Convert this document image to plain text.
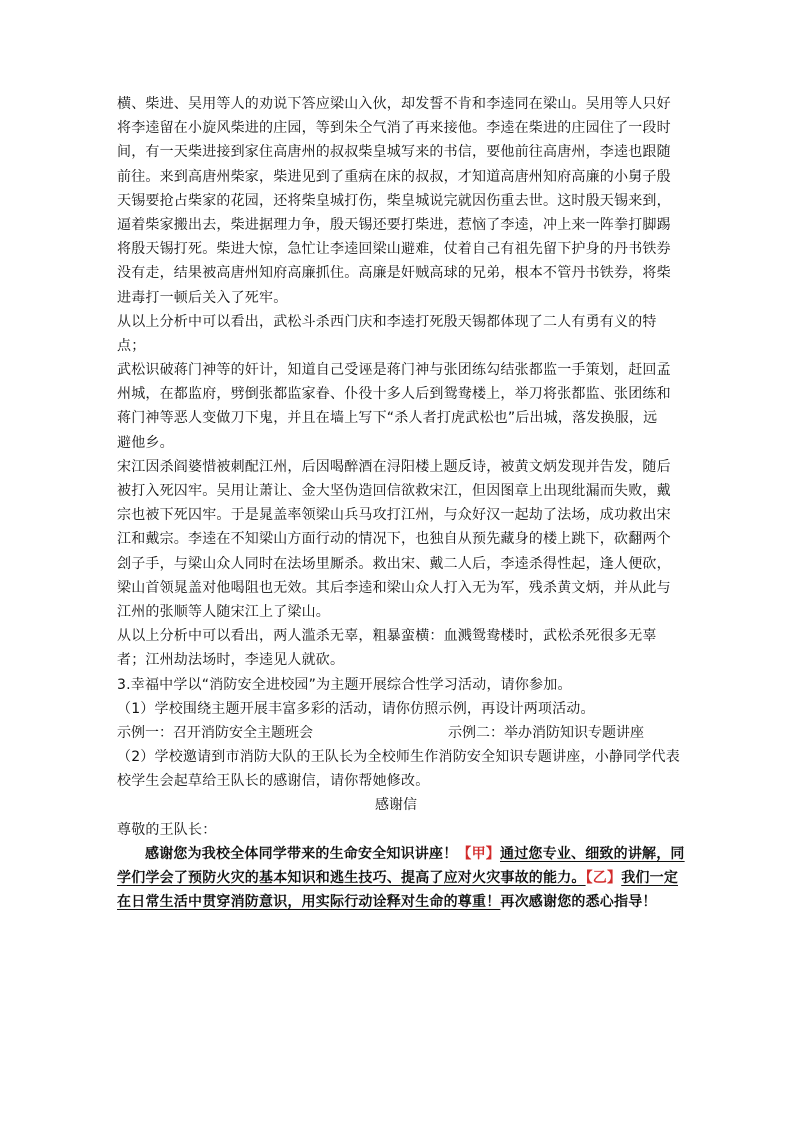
横、柴进、吴用等人的劝说下答应梁山入伙，却发誓不肯和李逵同在梁山。吴用等人只好
将李逵留在小旋风柴进的庄园，等到朱仝气消了再来接他。李逵在柴进的庄园住了一段时
间，有一天柴进接到家住高唐州的叔叔柴皇城写来的书信，要他前往高唐州，李逵也跟随
前往。来到高唐州柴家，柴进见到了重病在床的叔叔，才知道高唐州知府高廉的小舅子殷
天锡要抢占柴家的花园，还将柴皇城打伤，柴皇城说完就因伤重去世。这时殷天锡来到，
逼着柴家搬出去，柴进据理力争，殷天锡还要打柴进，惹恼了李逵，冲上来一阵拳打脚踢
将殷天锡打死。柴进大惊，急忙让李逵回梁山避难，仗着自己有祖先留下护身的丹书铁券
没有走，结果被高唐州知府高廉抓住。高廉是奸贼高球的兄弟，根本不管丹书铁券，将柴
进毒打一顿后关入了死牢。
从以上分析中可以看出，武松斗杀西门庆和李逵打死殷天锡都体现了二人有勇有义的特
点；
武松识破蒋门神等的奸计，知道自己受诬是蒋门神与张团练勾结张都监一手策划，赶回孟
州城，在都监府，劈倒张都监家眷、仆役十多人后到鸳鸯楼上，举刀将张都监、张团练和
蒋门神等恶人变做刀下鬼，并且在墙上写下“杀人者打虎武松也”后出城，落发换服，远
避他乡。
宋江因杀阎婆惜被刺配江州，后因喝醉酒在浔阳楼上题反诗，被黄文炳发现并告发，随后
被打入死囚牢。吴用让萧让、金大坚伪造回信欲救宋江，但因图章上出现纰漏而失败，戴
宗也被下死囚牢。于是晁盖率领梁山兵马攻打江州，与众好汉一起劫了法场，成功救出宋
江和戴宗。李逵在不知梁山方面行动的情况下，也独自从预先藏身的楼上跳下，砍翻两个
刽子手，与梁山众人同时在法场里厮杀。救出宋、戴二人后，李逵杀得性起，逢人便砍，
梁山首领晁盖对他喝阻也无效。其后李逵和梁山众人打入无为军，残杀黄文炳，并从此与
江州的张顺等人随宋江上了梁山。
从以上分析中可以看出，两人滥杀无辜，粗暴蛮横：血溅鸳鸯楼时，武松杀死很多无辜
者；江州劫法场时，李逵见人就砍。
3.幸福中学以“消防安全进校园”为主题开展综合性学习活动，请你参加。
（1）学校围绕主题开展丰富多彩的活动，请你仿照示例，再设计两项活动。
示例一：召开消防安全主题班会	示例二：举办消防知识专题讲座
（2）学校邀请到市消防大队的王队长为全校师生作消防安全知识专题讲座，小静同学代表
校学生会起草给王队长的感谢信，请你帮她修改。
感谢信
尊敬的王队长：
感谢您为我校全体同学带来的生命安全知识讲座！【甲】通过您专业、细致的讲解，同
学们学会了预防火灾的基本知识和逃生技巧、提高了应对火灾事故的能力。【乙】我们一定
在日常生活中贯穿消防意识，用实际行动诠释对生命的尊重！再次感谢您的悉心指导！
